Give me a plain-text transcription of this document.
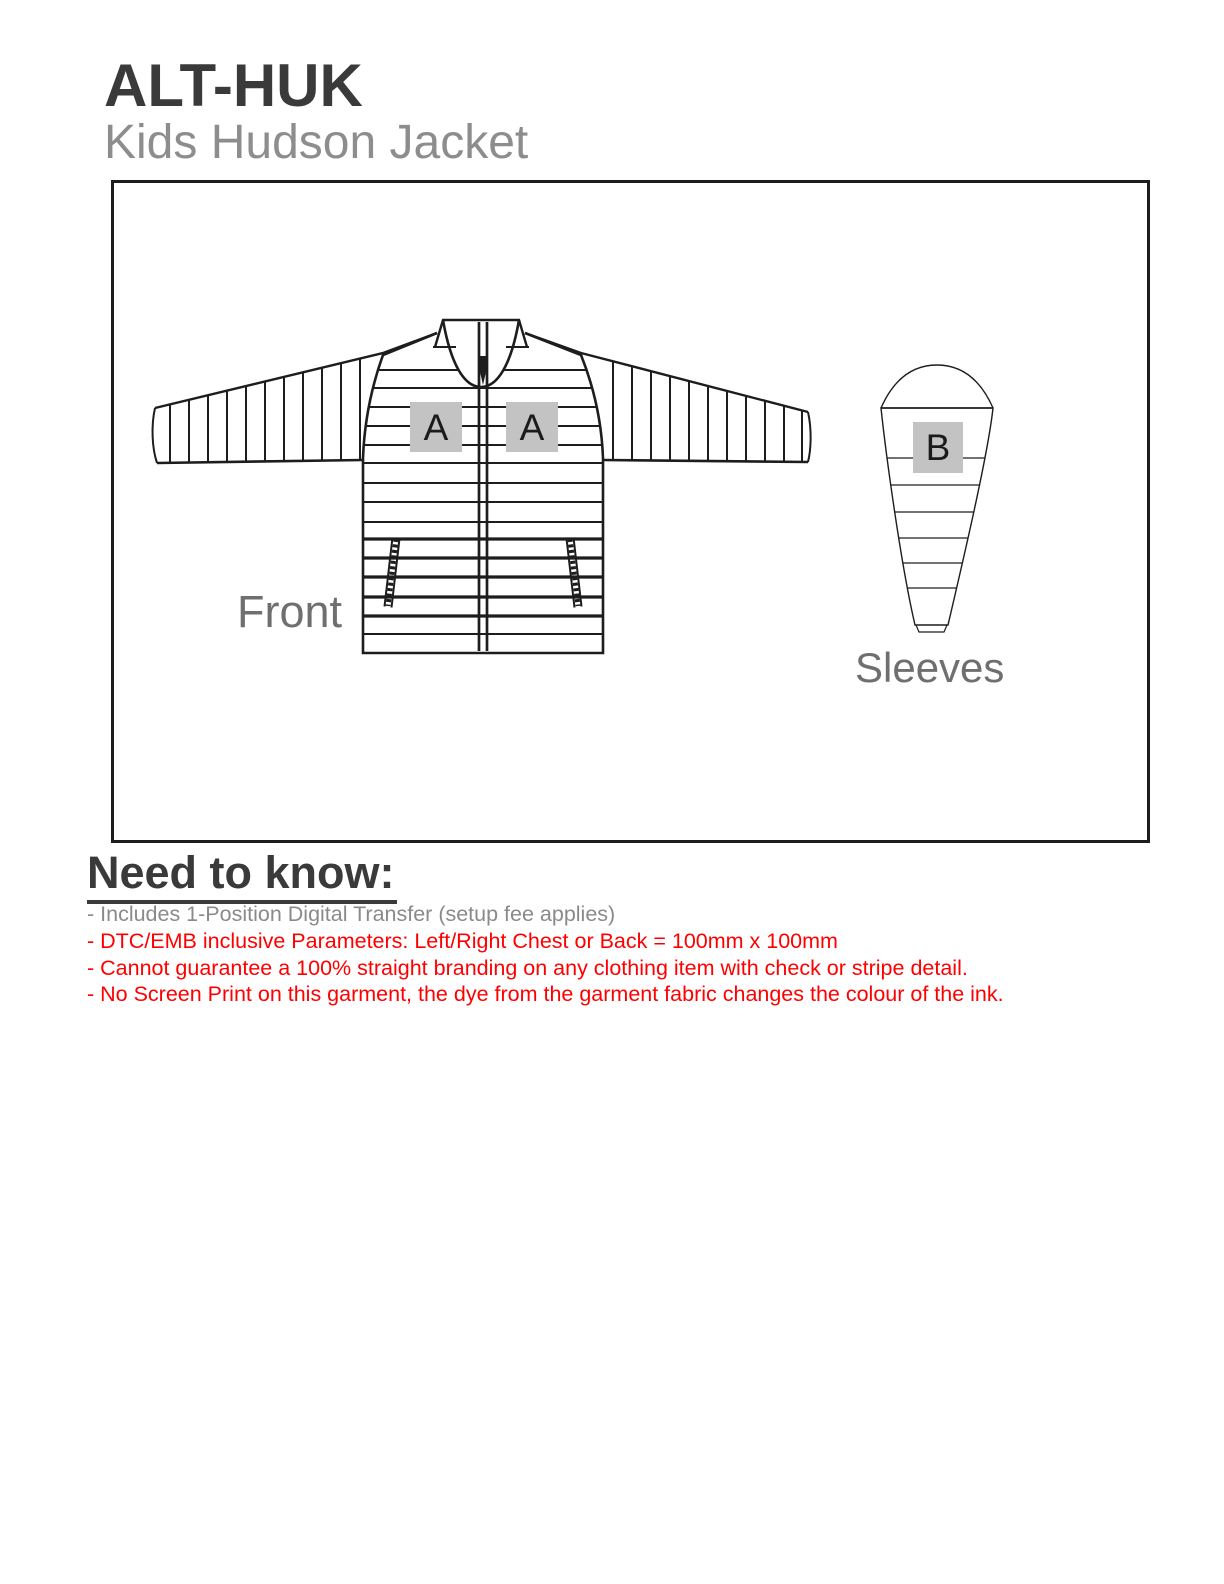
ALT-HUK
Kids Hudson Jacket
A A	B
Front
Sleeves
Need to know:
- Includes 1-Position Digital Transfer (setup fee applies)
- DTC/EMB inclusive Parameters: Left/Right Chest or Back = 100mm x 100mm
- Cannot guarantee a 100% straight branding on any clothing item with check or stripe detail.
- No Screen Print on this garment, the dye from the garment fabric changes the colour of the ink.
